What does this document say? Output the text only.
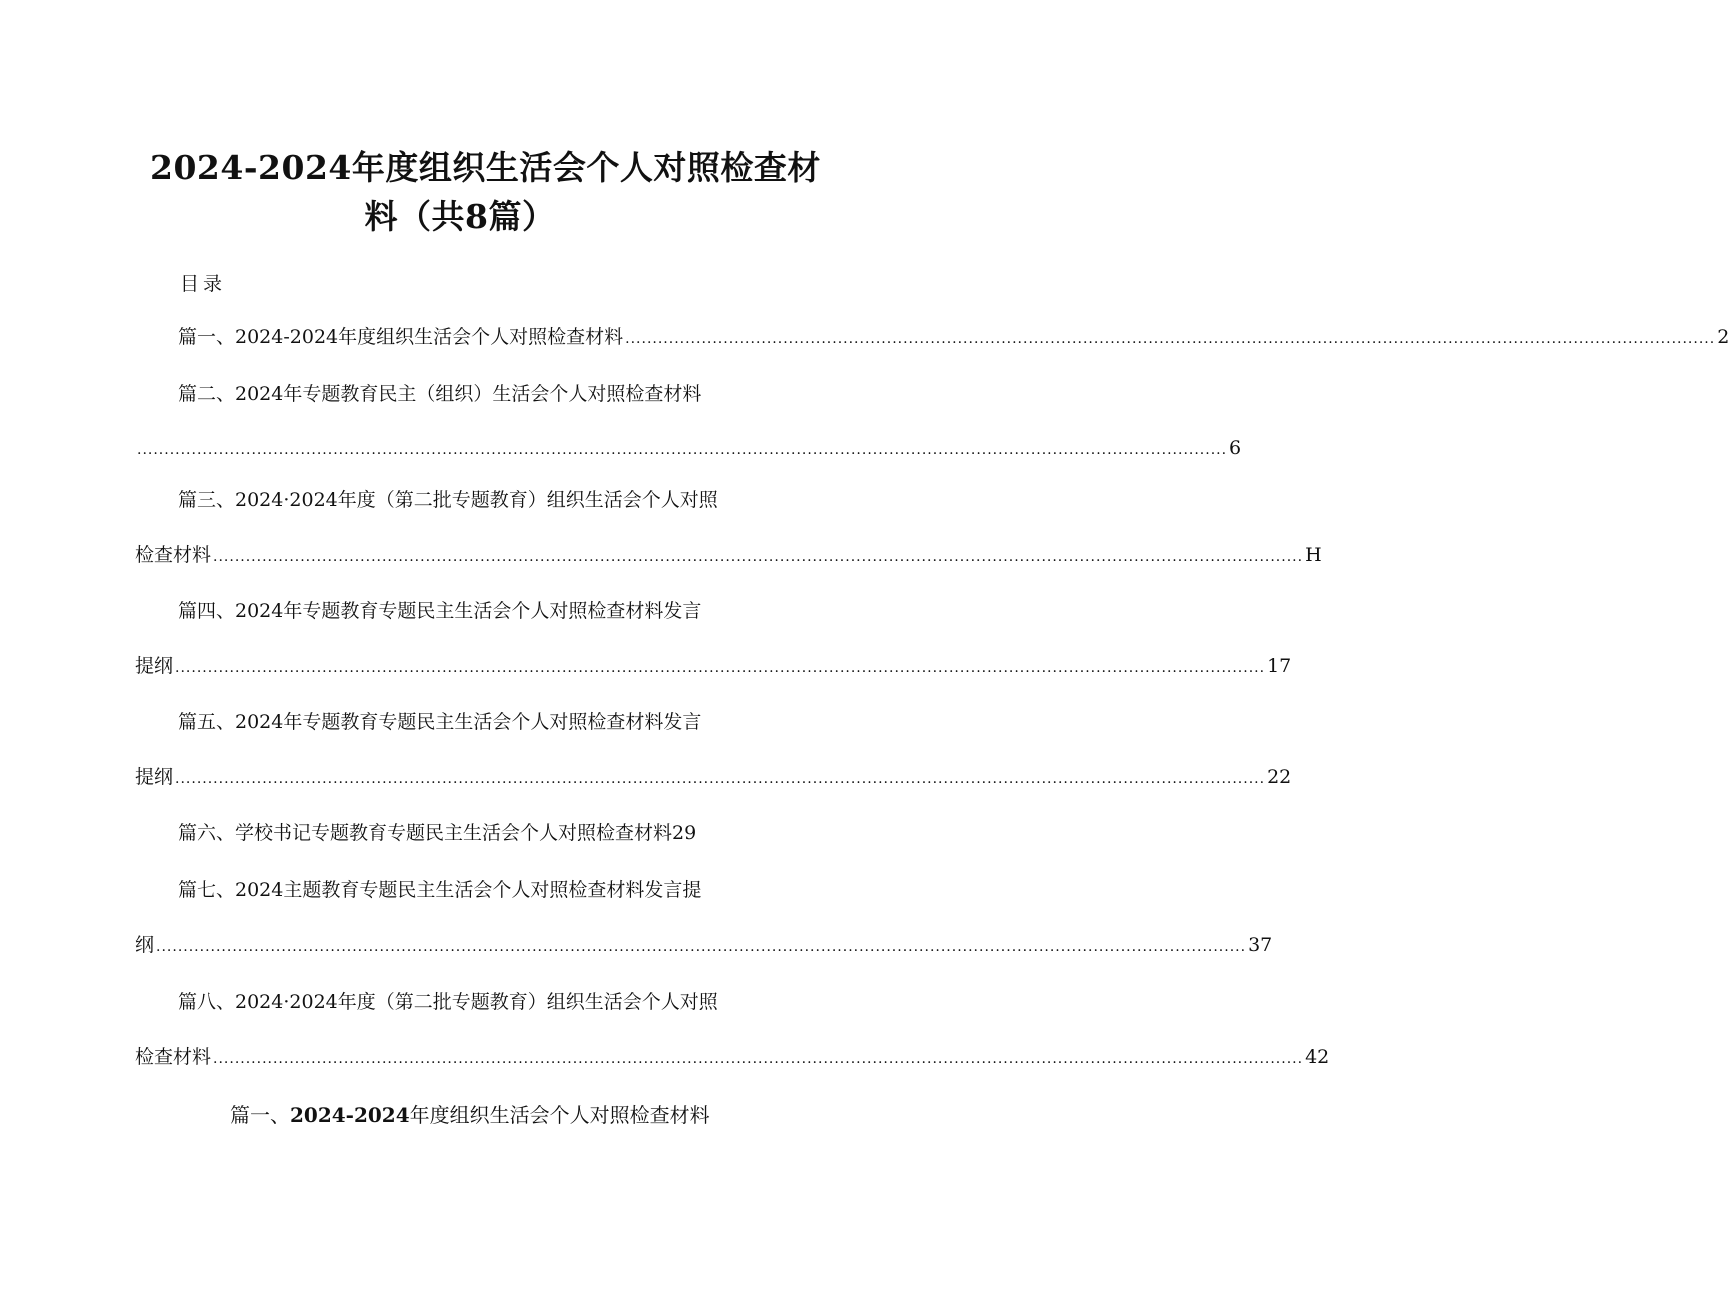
2024-2024年度组织生活会个人对照检查材
料（共8篇）
目录
篇一、2024-2024年度组织生活会个人对照检查材料 ........................................................................................................................................................................................................ 2
篇二、2024年专题教育民主（组织）生活会个人对照检查材料
........................................................................................................................................................................................................ 6
篇三、2024·2024年度（第二批专题教育）组织生活会个人对照
检查材料 ........................................................................................................................................................................................................ H
篇四、2024年专题教育专题民主生活会个人对照检查材料发言
提纲 ........................................................................................................................................................................................................ 17
篇五、2024年专题教育专题民主生活会个人对照检查材料发言
提纲 ........................................................................................................................................................................................................ 22
篇六、学校书记专题教育专题民主生活会个人对照检查材料29
篇七、2024主题教育专题民主生活会个人对照检查材料发言提
纲 ........................................................................................................................................................................................................ 37
篇八、2024·2024年度（第二批专题教育）组织生活会个人对照
检查材料 ........................................................................................................................................................................................................ 42
篇一、2024-2024年度组织生活会个人对照检查材料
